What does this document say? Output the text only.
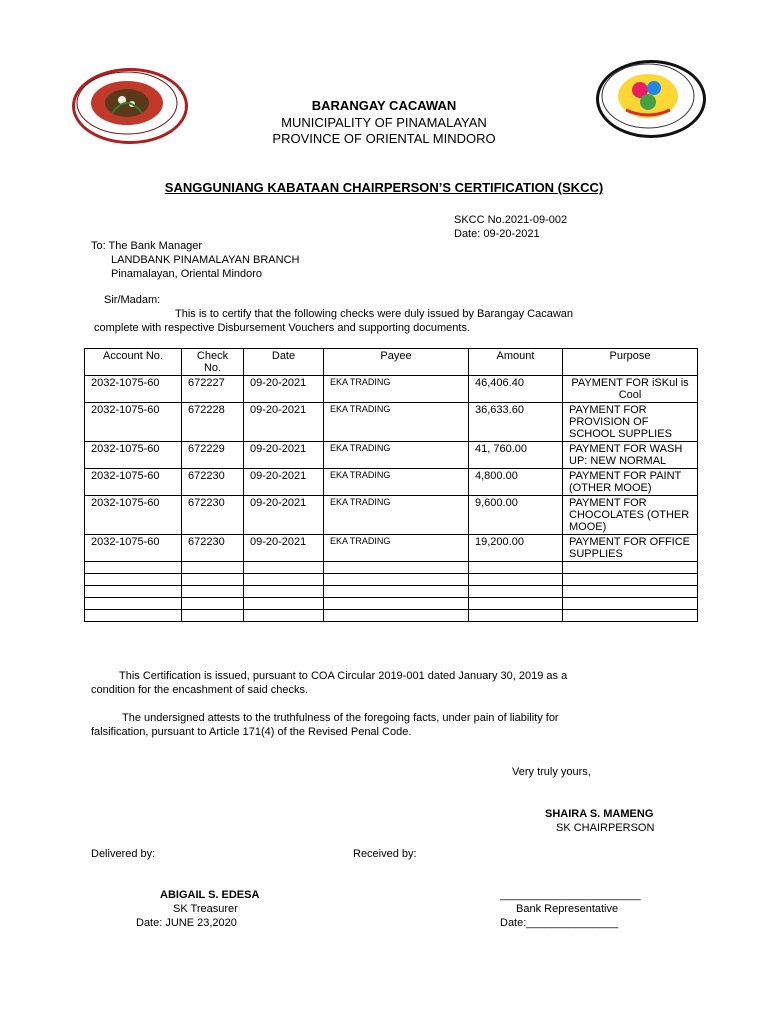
BARANGAY CACAWAN
MUNICIPALITY OF PINAMALAYAN
PROVINCE OF ORIENTAL MINDORO
SANGGUNIANG KABATAAN CHAIRPERSON’S CERTIFICATION (SKCC)
SKCC No.2021-09-002
Date: 09-20-2021
To: The Bank Manager
LANDBANK PINAMALAYAN BRANCH
Pinamalayan, Oriental Mindoro
Sir/Madam:
This is to certify that the following checks were duly issued by Barangay Cacawan
complete with respective Disbursement Vouchers and supporting documents.
Account No.	Check No.	Date	Payee	Amount	Purpose
2032-1075-60	672227	09-20-2021	EKA TRADING	46,406.40	PAYMENT FOR iSKul is Cool
2032-1075-60	672228	09-20-2021	EKA TRADING	36,633.60	PAYMENT FOR PROVISION OF SCHOOL SUPPLIES
2032-1075-60	672229	09-20-2021	EKA TRADING	41, 760.00	PAYMENT FOR WASH UP: NEW NORMAL
2032-1075-60	672230	09-20-2021	EKA TRADING	4,800.00	PAYMENT FOR PAINT (OTHER MOOE)
2032-1075-60	672230	09-20-2021	EKA TRADING	9,600.00	PAYMENT FOR CHOCOLATES (OTHER MOOE)
2032-1075-60	672230	09-20-2021	EKA TRADING	19,200.00	PAYMENT FOR OFFICE SUPPLIES

This Certification is issued, pursuant to COA Circular 2019-001 dated January 30, 2019 as a
condition for the encashment of said checks.
The undersigned attests to the truthfulness of the foregoing facts, under pain of liability for
falsification, pursuant to Article 171(4) of the Revised Penal Code.
Very truly yours,
SHAIRA S. MAMENG
SK CHAIRPERSON
Delivered by:	Received by:
ABIGAIL S. EDESA
SK Treasurer
Date: JUNE 23,2020
_______________________
Bank Representative
Date:_______________
